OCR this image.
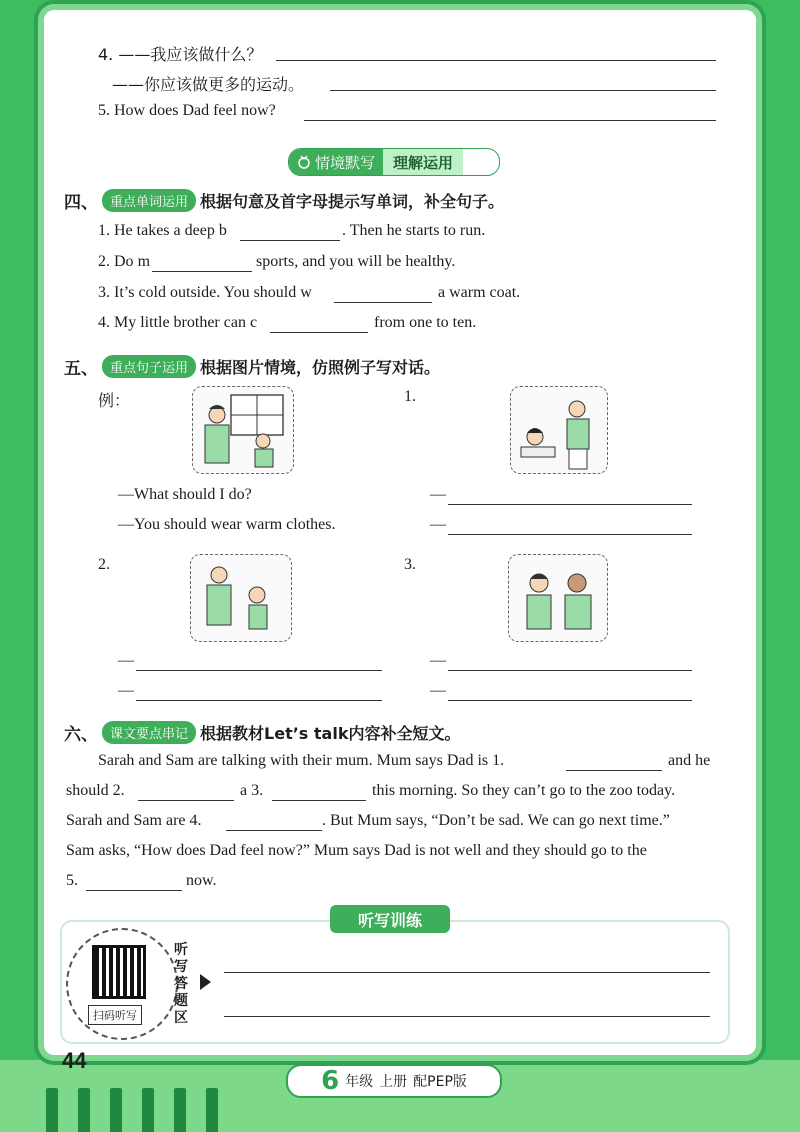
4. ——我应该做什么？
——你应该做更多的运动。
5. How does Dad feel now?
情境默写	理解运用
四、 重点单词运用 根据句意及首字母提示写单词，补全句子。
1. He takes a deep b	. Then he starts to run.
2. Do m	sports, and you will be healthy.
3. It’s cold outside. You should w	a warm coat.
4. My little brother can c	from one to ten.
五、 重点句子运用 根据图片情境，仿照例子写对话。
例：
—What should I do?
—You should wear warm clothes.
1.
—
—
2.
—
—
3.
—
—
六、 课文要点串记 根据教材Let’s talk内容补全短文。
Sarah and Sam are talking with their mum. Mum says Dad is 1.	and he
should 2.	a 3.	this morning. So they can’t go to the zoo today.
Sarah and Sam are 4.	. But Mum says, “Don’t be sad. We can go next time.”
Sam asks, “How does Dad feel now?” Mum says Dad is not well and they should go to the
5.	now.
听写训练
扫码听写
听写答题区
44
6 年级 上册 配PEP版
